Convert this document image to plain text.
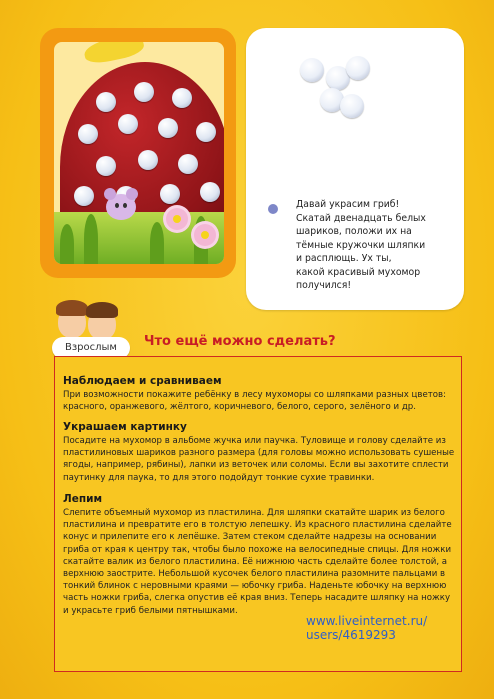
Давай украсим гриб!
Скатай двенадцать белых
шариков, положи их на
тёмные кружочки шляпки
и расплющь. Ух ты,
какой красивый мухомор
получился!
Взрослым	Что ещё можно сделать?
Наблюдаем и сравниваем

При возможности покажите ребёнку в лесу мухоморы со шляпками разных цветов: красного, оранжевого, жёлтого, коричневого, белого, серого, зелёного и др.

Украшаем картинку

Посадите на мухомор в альбоме жучка или паучка. Туловище и голову сделайте из пластилиновых шариков разного размера (для головы можно использовать сушеные ягоды, например, рябины), лапки из веточек или соломы. Если вы захотите сплести паутинку для паука, то для этого подойдут тонкие сухие травинки.

Лепим

Слепите объемный мухомор из пластилина. Для шляпки скатайте шарик из белого пластилина и превратите его в толстую лепешку. Из красного пластилина сделайте конус и прилепите его к лепёшке. Затем стеком сделайте надрезы на основании гриба от края к центру так, чтобы было похоже на велосипедные спицы. Для ножки скатайте валик из белого пластилина. Её нижнюю часть сделайте более толстой, а верхнюю заострите. Небольшой кусочек белого пластилина разомните пальцами в тонкий блинок с неровными краями — юбочку гриба. Наденьте юбочку на верхнюю часть ножки гриба, слегка опустив её края вниз. Теперь насадите шляпку на ножку и украсьте гриб белыми пятнышками.

www.liveinternet.ru/
users/4619293
